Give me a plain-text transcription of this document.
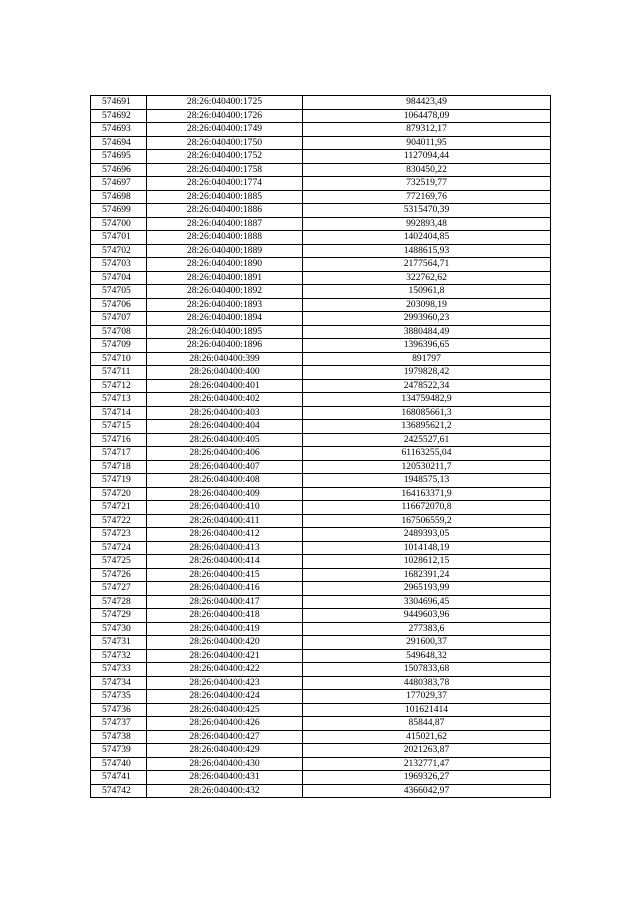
574691	28:26:040400:1725	984423,49
574692	28:26:040400:1726	1064478,09
574693	28:26:040400:1749	879312,17
574694	28:26:040400:1750	904011,95
574695	28:26:040400:1752	1127094,44
574696	28:26:040400:1758	830450,22
574697	28:26:040400:1774	732519,77
574698	28:26:040400:1885	772169,76
574699	28:26:040400:1886	5315470,39
574700	28:26:040400:1887	992893,48
574701	28:26:040400:1888	1402404,85
574702	28:26:040400:1889	1488615,93
574703	28:26:040400:1890	2177564,71
574704	28:26:040400:1891	322762,62
574705	28:26:040400:1892	150961,8
574706	28:26:040400:1893	203098,19
574707	28:26:040400:1894	2993960,23
574708	28:26:040400:1895	3880484,49
574709	28:26:040400:1896	1396396,65
574710	28:26:040400:399	891797
574711	28:26:040400:400	1979828,42
574712	28:26:040400:401	2478522,34
574713	28:26:040400:402	134759482,9
574714	28:26:040400:403	168085661,3
574715	28:26:040400:404	136895621,2
574716	28:26:040400:405	2425527,61
574717	28:26:040400:406	61163255,04
574718	28:26:040400:407	120530211,7
574719	28:26:040400:408	1948575,13
574720	28:26:040400:409	164163371,9
574721	28:26:040400:410	116672070,8
574722	28:26:040400:411	167506559,2
574723	28:26:040400:412	2489393,05
574724	28:26:040400:413	1014148,19
574725	28:26:040400:414	1028612,15
574726	28:26:040400:415	1682391,24
574727	28:26:040400:416	2965193,99
574728	28:26:040400:417	3304696,45
574729	28:26:040400:418	9449603,96
574730	28:26:040400:419	277383,6
574731	28:26:040400:420	291600,37
574732	28:26:040400:421	549648,32
574733	28:26:040400:422	1507833,68
574734	28:26:040400:423	4480383,78
574735	28:26:040400:424	177029,37
574736	28:26:040400:425	101621414
574737	28:26:040400:426	85844,87
574738	28:26:040400:427	415021,62
574739	28:26:040400:429	2021263,87
574740	28:26:040400:430	2132771,47
574741	28:26:040400:431	1969326,27
574742	28:26:040400:432	4366042,97
